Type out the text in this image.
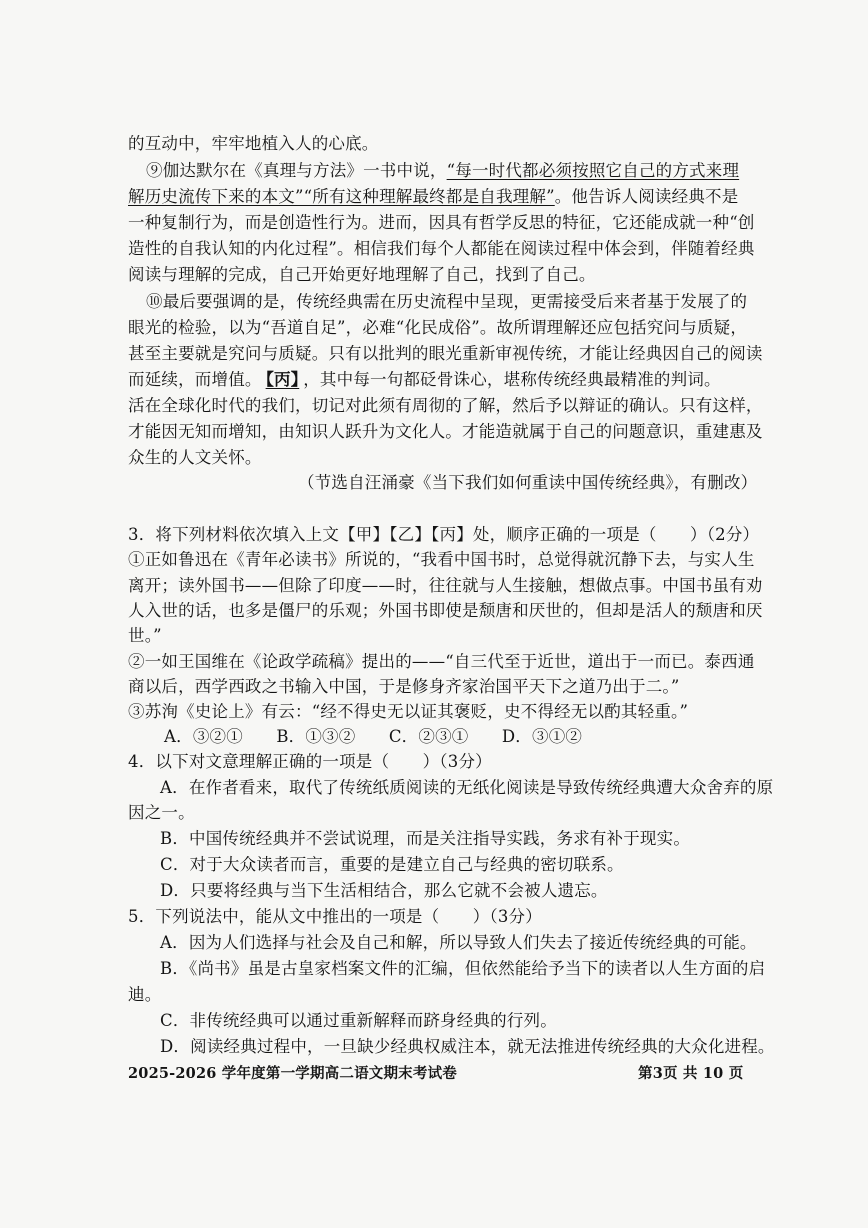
的互动中，牢牢地植入人的心底。
⑨伽达默尔在《真理与方法》一书中说，“每一时代都必须按照它自己的方式来理
解历史流传下来的本文”“所有这种理解最终都是自我理解”。他告诉人阅读经典不是
一种复制行为，而是创造性行为。进而，因具有哲学反思的特征，它还能成就一种“创
造性的自我认知的内化过程”。相信我们每个人都能在阅读过程中体会到，伴随着经典
阅读与理解的完成，自己开始更好地理解了自己，找到了自己。
⑩最后要强调的是，传统经典需在历史流程中呈现，更需接受后来者基于发展了的
眼光的检验，以为“吾道自足”，必难“化民成俗”。故所谓理解还应包括究问与质疑，
甚至主要就是究问与质疑。只有以批判的眼光重新审视传统，才能让经典因自己的阅读
而延续，而增值。 【丙】 ，其中每一句都砭骨诛心，堪称传统经典最精准的判词。
活在全球化时代的我们，切记对此须有周彻的了解，然后予以辩证的确认。只有这样，
才能因无知而增知，由知识人跃升为文化人。才能造就属于自己的问题意识，重建惠及
众生的人文关怀。
（节选自汪涌豪《当下我们如何重读中国传统经典》，有删改）
3．将下列材料依次填入上文【甲】【乙】【丙】处，顺序正确的一项是（　　）（2分）
①正如鲁迅在《青年必读书》所说的，“我看中国书时，总觉得就沉静下去，与实人生
离开；读外国书——但除了印度——时，往往就与人生接触，想做点事。中国书虽有劝
人入世的话，也多是僵尸的乐观；外国书即使是颓唐和厌世的，但却是活人的颓唐和厌
世。”
②一如王国维在《论政学疏稿》提出的——“自三代至于近世，道出于一而已。泰西通
商以后，西学西政之书输入中国，于是修身齐家治国平天下之道乃出于二。”
③苏洵《史论上》有云：“经不得史无以证其褒贬，史不得经无以酌其轻重。”
A．③②①　　B．①③②　　C．②③①　　D．③①②
4．以下对文意理解正确的一项是（　　）（3分）
A．在作者看来，取代了传统纸质阅读的无纸化阅读是导致传统经典遭大众舍弃的原
因之一。
B．中国传统经典并不尝试说理，而是关注指导实践，务求有补于现实。
C．对于大众读者而言，重要的是建立自己与经典的密切联系。
D．只要将经典与当下生活相结合，那么它就不会被人遗忘。
5．下列说法中，能从文中推出的一项是（　　）（3分）
A．因为人们选择与社会及自己和解，所以导致人们失去了接近传统经典的可能。
B．《尚书》虽是古皇家档案文件的汇编，但依然能给予当下的读者以人生方面的启
迪。
C．非传统经典可以通过重新解释而跻身经典的行列。
D．阅读经典过程中，一旦缺少经典权威注本，就无法推进传统经典的大众化进程。
2025-2026 学年度第一学期高二语文期末考试卷	第3页 共 10 页
